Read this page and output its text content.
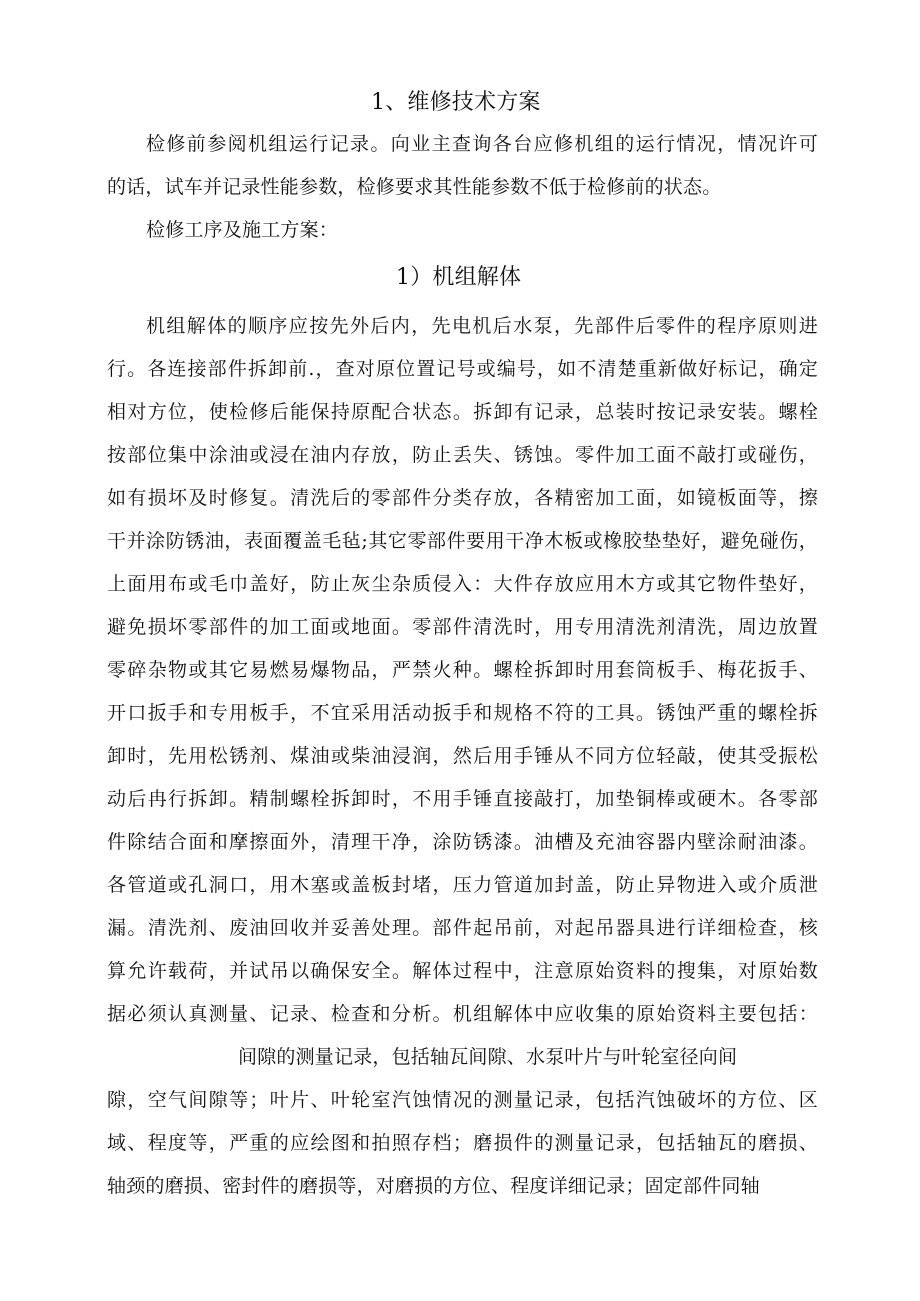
1、维修技术方案
检修前参阅机组运行记录。向业主查询各台应修机组的运行情况，情况许可
的话，试车并记录性能参数，检修要求其性能参数不低于检修前的状态。
检修工序及施工方案：
1）机组解体
机组解体的顺序应按先外后内，先电机后水泵，先部件后零件的程序原则进
行。各连接部件拆卸前.，查对原位置记号或编号，如不清楚重新做好标记，确定
相对方位，使检修后能保持原配合状态。拆卸有记录，总装时按记录安装。螺栓
按部位集中涂油或浸在油内存放，防止丢失、锈蚀。零件加工面不敲打或碰伤，
如有损坏及时修复。清洗后的零部件分类存放，各精密加工面，如镜板面等，擦
干并涂防锈油，表面覆盖毛毡;其它零部件要用干净木板或橡胶垫垫好，避免碰伤，
上面用布或毛巾盖好，防止灰尘杂质侵入：大件存放应用木方或其它物件垫好，
避免损坏零部件的加工面或地面。零部件清洗时，用专用清洗剂清洗，周边放置
零碎杂物或其它易燃易爆物品，严禁火种。螺栓拆卸时用套筒板手、梅花扳手、
开口扳手和专用板手，不宜采用活动扳手和规格不符的工具。锈蚀严重的螺栓拆
卸时，先用松锈剂、煤油或柴油浸润，然后用手锤从不同方位轻敲，使其受振松
动后冉行拆卸。精制螺栓拆卸时，不用手锤直接敲打，加垫铜棒或硬木。各零部
件除结合面和摩擦面外，清理干净，涂防锈漆。油槽及充油容器内壁涂耐油漆。
各管道或孔洞口，用木塞或盖板封堵，压力管道加封盖，防止异物进入或介质泄
漏。清洗剂、废油回收并妥善处理。部件起吊前，对起吊器具进行详细检查，核
算允许载荷，并试吊以确保安全。解体过程中，注意原始资料的搜集，对原始数
据必须认真测量、记录、检查和分析。机组解体中应收集的原始资料主要包括：
间隙的测量记录，包括轴瓦间隙、水泵叶片与叶轮室径向间
隙，空气间隙等；叶片、叶轮室汽蚀情况的测量记录，包括汽蚀破坏的方位、区
域、程度等，严重的应绘图和拍照存档；磨损件的测量记录，包括轴瓦的磨损、
轴颈的磨损、密封件的磨损等，对磨损的方位、程度详细记录；固定部件同轴
